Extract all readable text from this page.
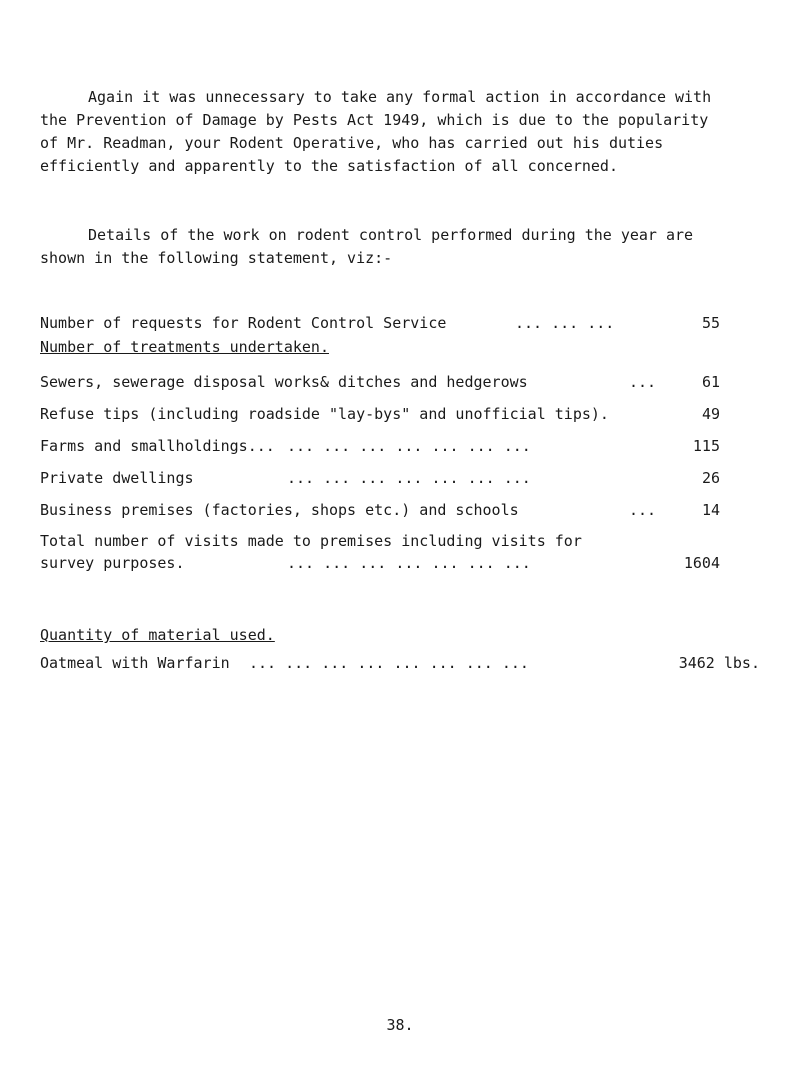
Again it was unnecessary to take any formal action in accordance with the Prevention of Damage by Pests Act 1949, which is due to the popularity of Mr. Readman, your Rodent Operative, who has carried out his duties efficiently and apparently to the satisfaction of all concerned.

Details of the work on rodent control performed during the year are shown in the following statement, viz:-

Number of requests for Rodent Control Service	... ... ...	55
Number of treatments undertaken.
Sewers, sewerage disposal works& ditches and hedgerows	...	61
Refuse tips (including roadside "lay-bys" and unofficial tips).	49
Farms and smallholdings... ... ... ... ... ... ... ...	115
Private dwellings	... ... ... ... ... ... ...	26
Business premises (factories, shops etc.) and schools	...	14
Total number of visits made to premises including visits for
survey purposes.	... ... ... ... ... ... ...	1604
Quantity of material used.
Oatmeal with Warfarin ... ... ... ... ... ... ... ...	3462 lbs.
38.
